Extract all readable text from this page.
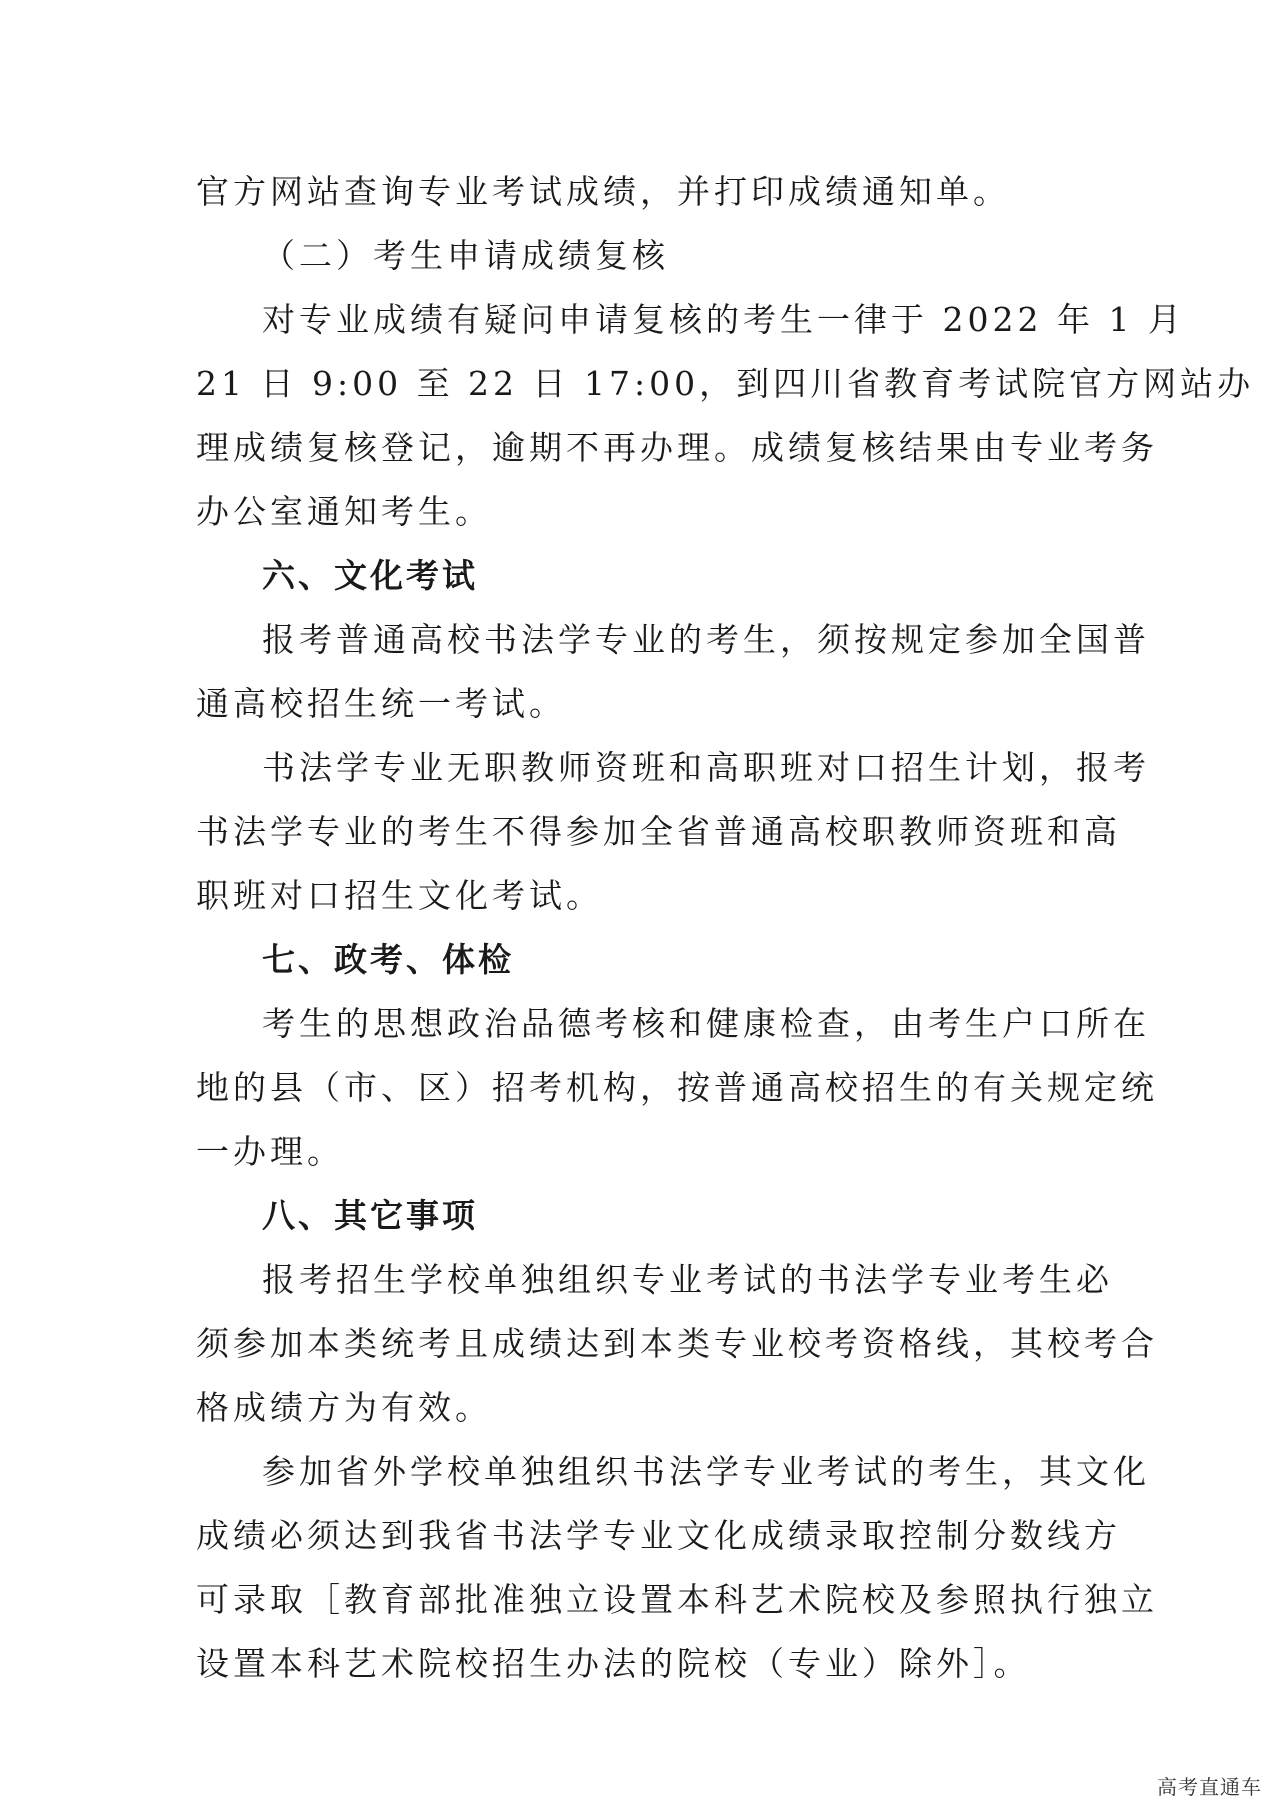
官方网站查询专业考试成绩，并打印成绩通知单。
（二）考生申请成绩复核
对专业成绩有疑问申请复核的考生一律于 2022 年 1 月
21 日 9:00 至 22 日 17:00，到四川省教育考试院官方网站办
理成绩复核登记，逾期不再办理。成绩复核结果由专业考务
办公室通知考生。
六、文化考试
报考普通高校书法学专业的考生，须按规定参加全国普
通高校招生统一考试。
书法学专业无职教师资班和高职班对口招生计划，报考
书法学专业的考生不得参加全省普通高校职教师资班和高
职班对口招生文化考试。
七、政考、体检
考生的思想政治品德考核和健康检查，由考生户口所在
地的县（市、区）招考机构，按普通高校招生的有关规定统
一办理。
八、其它事项
报考招生学校单独组织专业考试的书法学专业考生必
须参加本类统考且成绩达到本类专业校考资格线，其校考合
格成绩方为有效。
参加省外学校单独组织书法学专业考试的考生，其文化
成绩必须达到我省书法学专业文化成绩录取控制分数线方
可录取［教育部批准独立设置本科艺术院校及参照执行独立
设置本科艺术院校招生办法的院校（专业）除外］。
高考直通车
